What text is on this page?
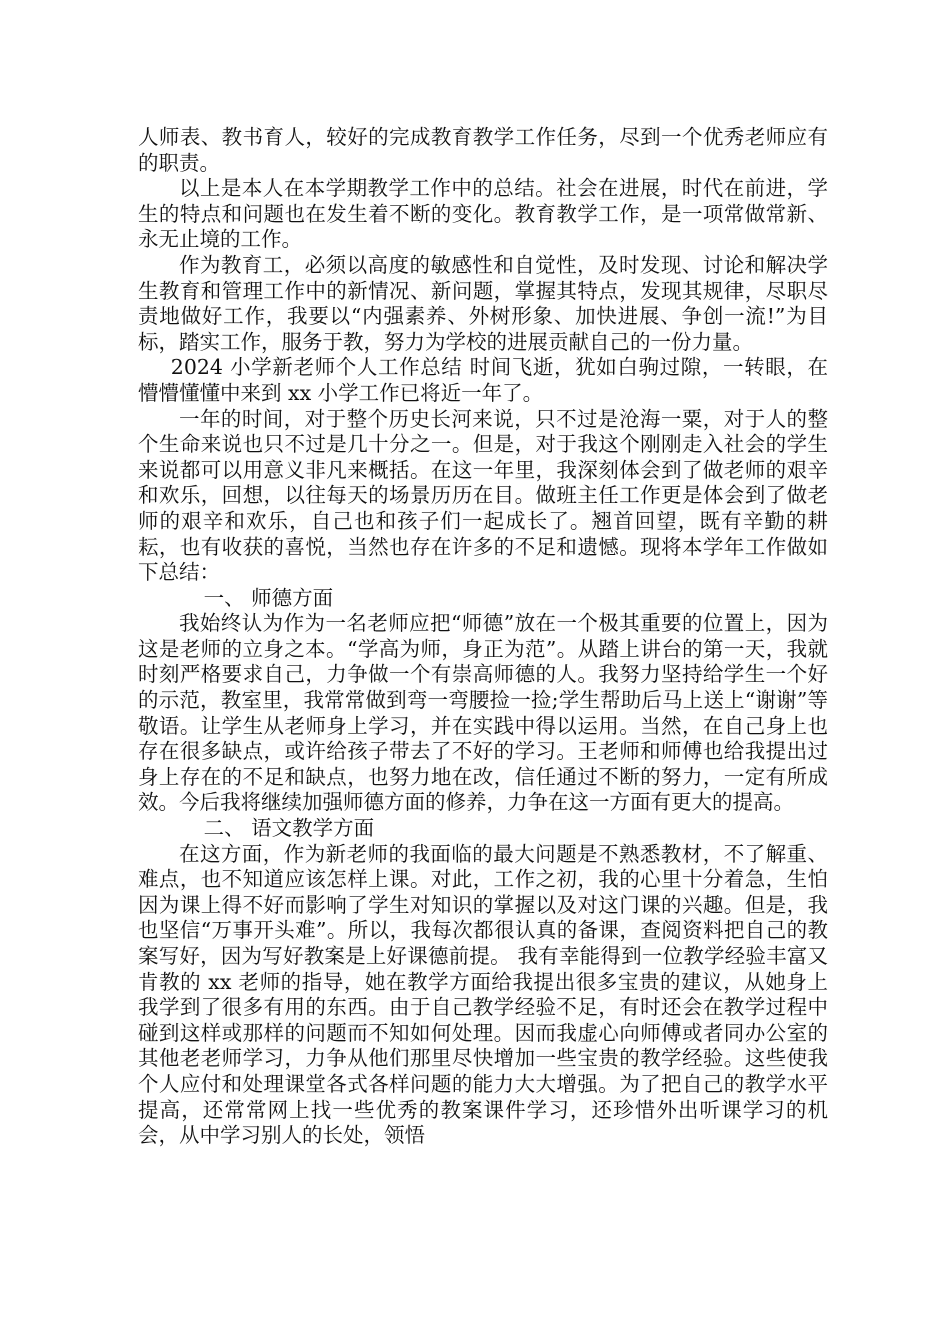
人师表、教书育人，较好的完成教育教学工作任务，尽到一个优秀老师应有的职责。

以上是本人在本学期教学工作中的总结。社会在进展，时代在前进，学生的特点和问题也在发生着不断的变化。教育教学工作，是一项常做常新、永无止境的工作。

作为教育工，必须以高度的敏感性和自觉性，及时发现、讨论和解决学生教育和管理工作中的新情况、新问题，掌握其特点，发现其规律，尽职尽责地做好工作，我要以“内强素养、外树形象、加快进展、争创一流!”为目标，踏实工作，服务于教，努力为学校的进展贡献自己的一份力量。

2024 小学新老师个人工作总结 时间飞逝，犹如白驹过隙，一转眼，在懵懵懂懂中来到 xx 小学工作已将近一年了。

一年的时间，对于整个历史长河来说，只不过是沧海一粟，对于人的整个生命来说也只不过是几十分之一。但是，对于我这个刚刚走入社会的学生来说都可以用意义非凡来概括。在这一年里，我深刻体会到了做老师的艰辛和欢乐，回想，以往每天的场景历历在目。做班主任工作更是体会到了做老师的艰辛和欢乐，自己也和孩子们一起成长了。翘首回望，既有辛勤的耕耘，也有收获的喜悦，当然也存在许多的不足和遗憾。现将本学年工作做如下总结：

一、 师德方面

我始终认为作为一名老师应把“师德”放在一个极其重要的位置上，因为这是老师的立身之本。“学高为师，身正为范”。从踏上讲台的第一天，我就时刻严格要求自己，力争做一个有崇高师德的人。我努力坚持给学生一个好的示范，教室里，我常常做到弯一弯腰捡一捡;学生帮助后马上送上“谢谢”等敬语。让学生从老师身上学习，并在实践中得以运用。当然，在自己身上也存在很多缺点，或许给孩子带去了不好的学习。王老师和师傅也给我提出过身上存在的不足和缺点，也努力地在改，信任通过不断的努力，一定有所成效。今后我将继续加强师德方面的修养，力争在这一方面有更大的提高。

二、 语文教学方面

在这方面，作为新老师的我面临的最大问题是不熟悉教材，不了解重、难点，也不知道应该怎样上课。对此，工作之初，我的心里十分着急，生怕因为课上得不好而影响了学生对知识的掌握以及对这门课的兴趣。但是，我也坚信“万事开头难”。所以，我每次都很认真的备课，查阅资料把自己的教案写好，因为写好教案是上好课德前提。 我有幸能得到一位教学经验丰富又肯教的 xx 老师的指导，她在教学方面给我提出很多宝贵的建议，从她身上我学到了很多有用的东西。由于自己教学经验不足，有时还会在教学过程中碰到这样或那样的问题而不知如何处理。因而我虚心向师傅或者同办公室的其他老老师学习，力争从他们那里尽快增加一些宝贵的教学经验。这些使我个人应付和处理课堂各式各样问题的能力大大增强。为了把自己的教学水平提高，还常常网上找一些优秀的教案课件学习，还珍惜外出听课学习的机会，从中学习别人的长处，领悟
